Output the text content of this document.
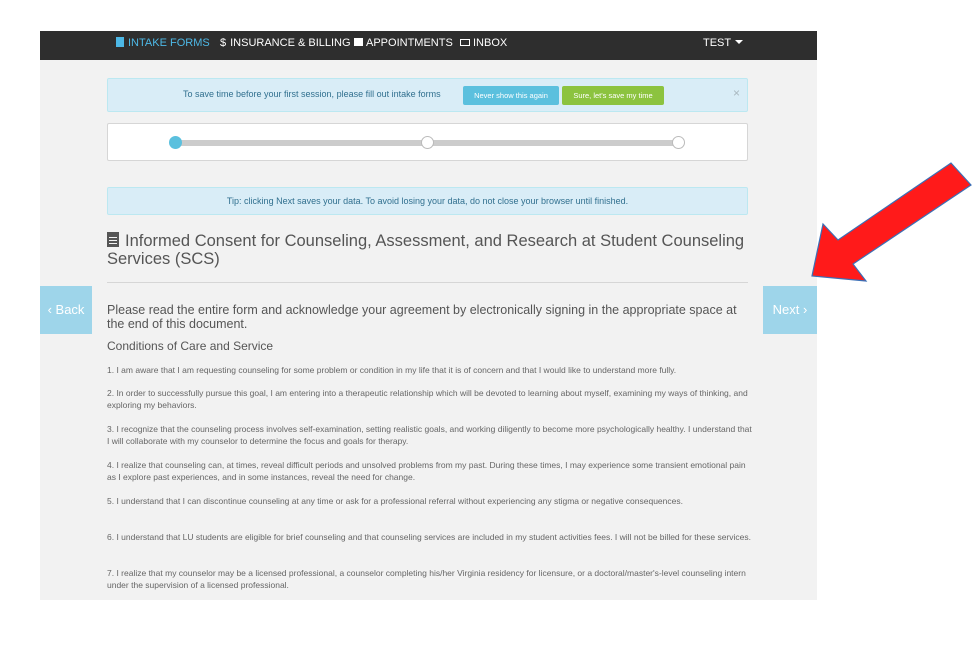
INTAKE FORMS $ INSURANCE & BILLING	APPOINTMENTS	INBOX	TEST
To save time before your first session, please fill out intake forms	Never show this again	Sure, let's save my time	×
Tip: clicking Next saves your data. To avoid losing your data, do not close your browser until finished.
Informed Consent for Counseling, Assessment, and Research at Student Counseling Services (SCS)
Please read the entire form and acknowledge your agreement by electronically signing in the appropriate space at the end of this document.
Conditions of Care and Service
1. I am aware that I am requesting counseling for some problem or condition in my life that it is of concern and that I would like to understand more fully.
2. In order to successfully pursue this goal, I am entering into a therapeutic relationship which will be devoted to learning about myself, examining my ways of thinking, and exploring my behaviors.
3. I recognize that the counseling process involves self-examination, setting realistic goals, and working diligently to become more psychologically healthy. I understand that I will collaborate with my counselor to determine the focus and goals for therapy.
4. I realize that counseling can, at times, reveal difficult periods and unsolved problems from my past. During these times, I may experience some transient emotional pain as I explore past experiences, and in some instances, reveal the need for change.
5. I understand that I can discontinue counseling at any time or ask for a professional referral without experiencing any stigma or negative consequences.
6. I understand that LU students are eligible for brief counseling and that counseling services are included in my student activities fees. I will not be billed for these services.
7. I realize that my counselor may be a licensed professional, a counselor completing his/her Virginia residency for licensure, or a doctoral/master's-level counseling intern under the supervision of a licensed professional.
‹ Back	Next ›
